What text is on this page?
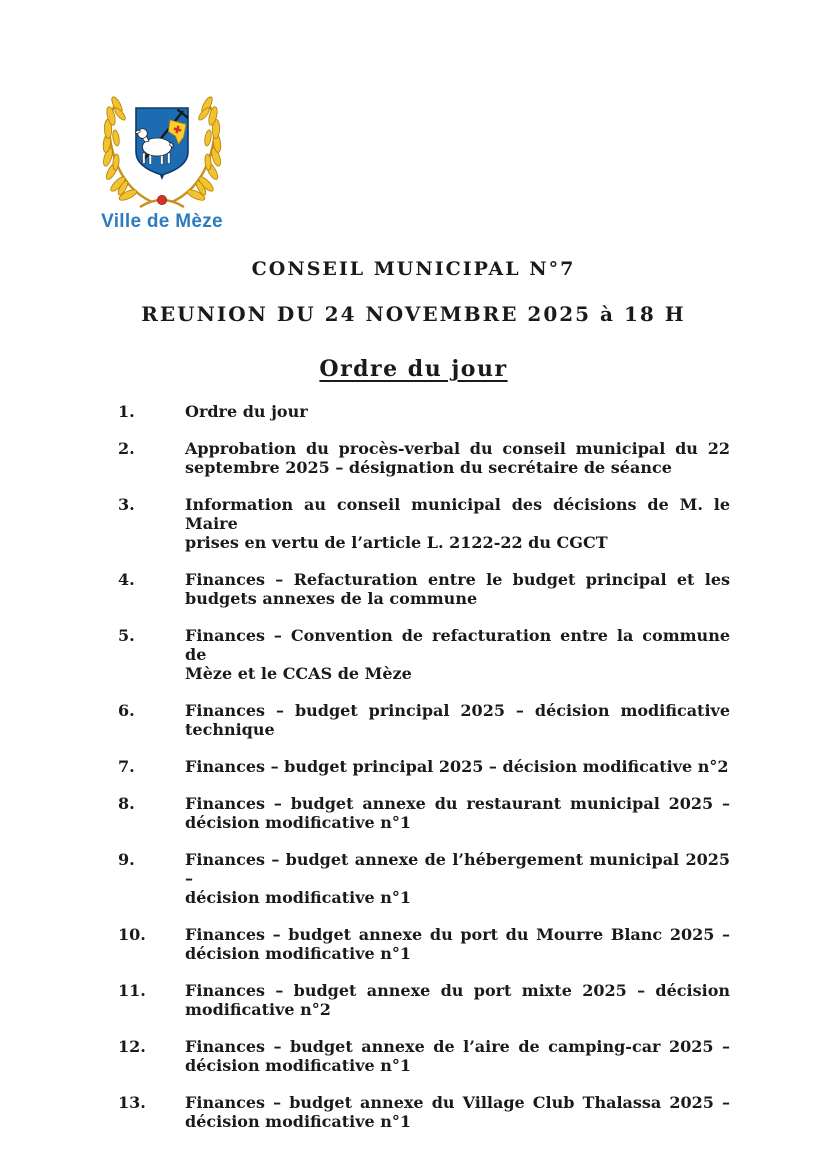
Ville de Mèze
CONSEIL MUNICIPAL N°7
REUNION DU 24 NOVEMBRE 2025 à 18 H
Ordre du jour
1.	Ordre du jour
2.	Approbation du procès-verbal du conseil municipal du 22
septembre 2025 – désignation du secrétaire de séance
3.	Information au conseil municipal des décisions de M. le Maire
prises en vertu de l’article L. 2122-22 du CGCT
4.	Finances – Refacturation entre le budget principal et les
budgets annexes de la commune
5.	Finances – Convention de refacturation entre la commune de
Mèze et le CCAS de Mèze
6.	Finances – budget principal 2025 – décision modificative
technique
7.	Finances – budget principal 2025 – décision modificative n°2
8.	Finances – budget annexe du restaurant municipal 2025 –
décision modificative n°1
9.	Finances – budget annexe de l’hébergement municipal 2025 –
décision modificative n°1
10.	Finances – budget annexe du port du Mourre Blanc 2025 –
décision modificative n°1
11.	Finances – budget annexe du port mixte 2025 – décision
modificative n°2
12.	Finances – budget annexe de l’aire de camping-car 2025 –
décision modificative n°1
13.	Finances – budget annexe du Village Club Thalassa 2025 –
décision modificative n°1
